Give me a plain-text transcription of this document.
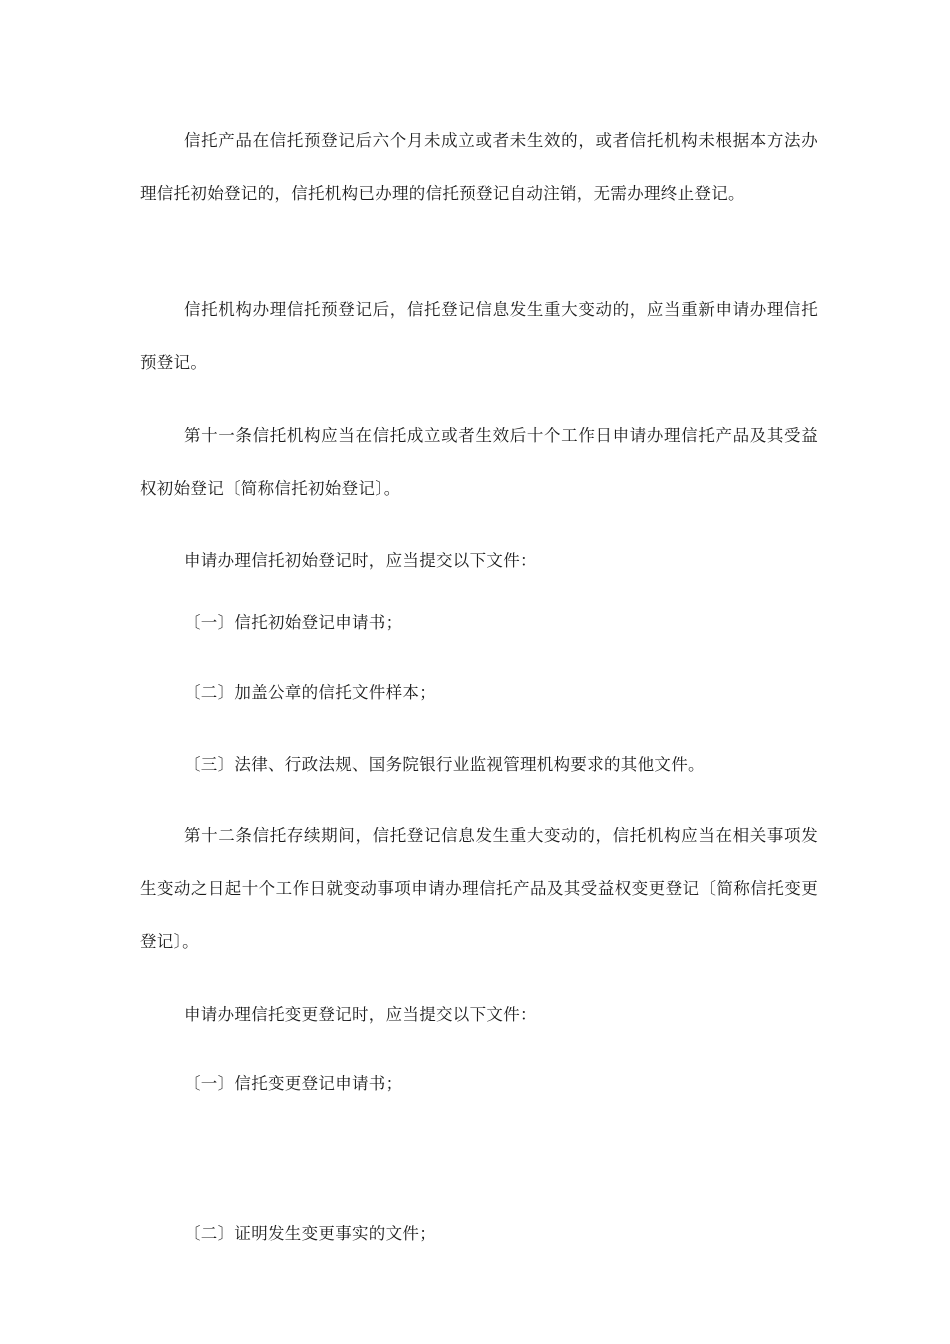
信托产品在信托预登记后六个月未成立或者未生效的，或者信托机构未根据本方法办理信托初始登记的，信托机构已办理的信托预登记自动注销，无需办理终止登记。

信托机构办理信托预登记后，信托登记信息发生重大变动的，应当重新申请办理信托预登记。

第十一条信托机构应当在信托成立或者生效后十个工作日申请办理信托产品及其受益权初始登记〔简称信托初始登记〕。

申请办理信托初始登记时，应当提交以下文件：

〔一〕信托初始登记申请书；

〔二〕加盖公章的信托文件样本；

〔三〕法律、行政法规、国务院银行业监视管理机构要求的其他文件。

第十二条信托存续期间，信托登记信息发生重大变动的，信托机构应当在相关事项发生变动之日起十个工作日就变动事项申请办理信托产品及其受益权变更登记〔简称信托变更登记〕。

申请办理信托变更登记时，应当提交以下文件：

〔一〕信托变更登记申请书；

〔二〕证明发生变更事实的文件；
